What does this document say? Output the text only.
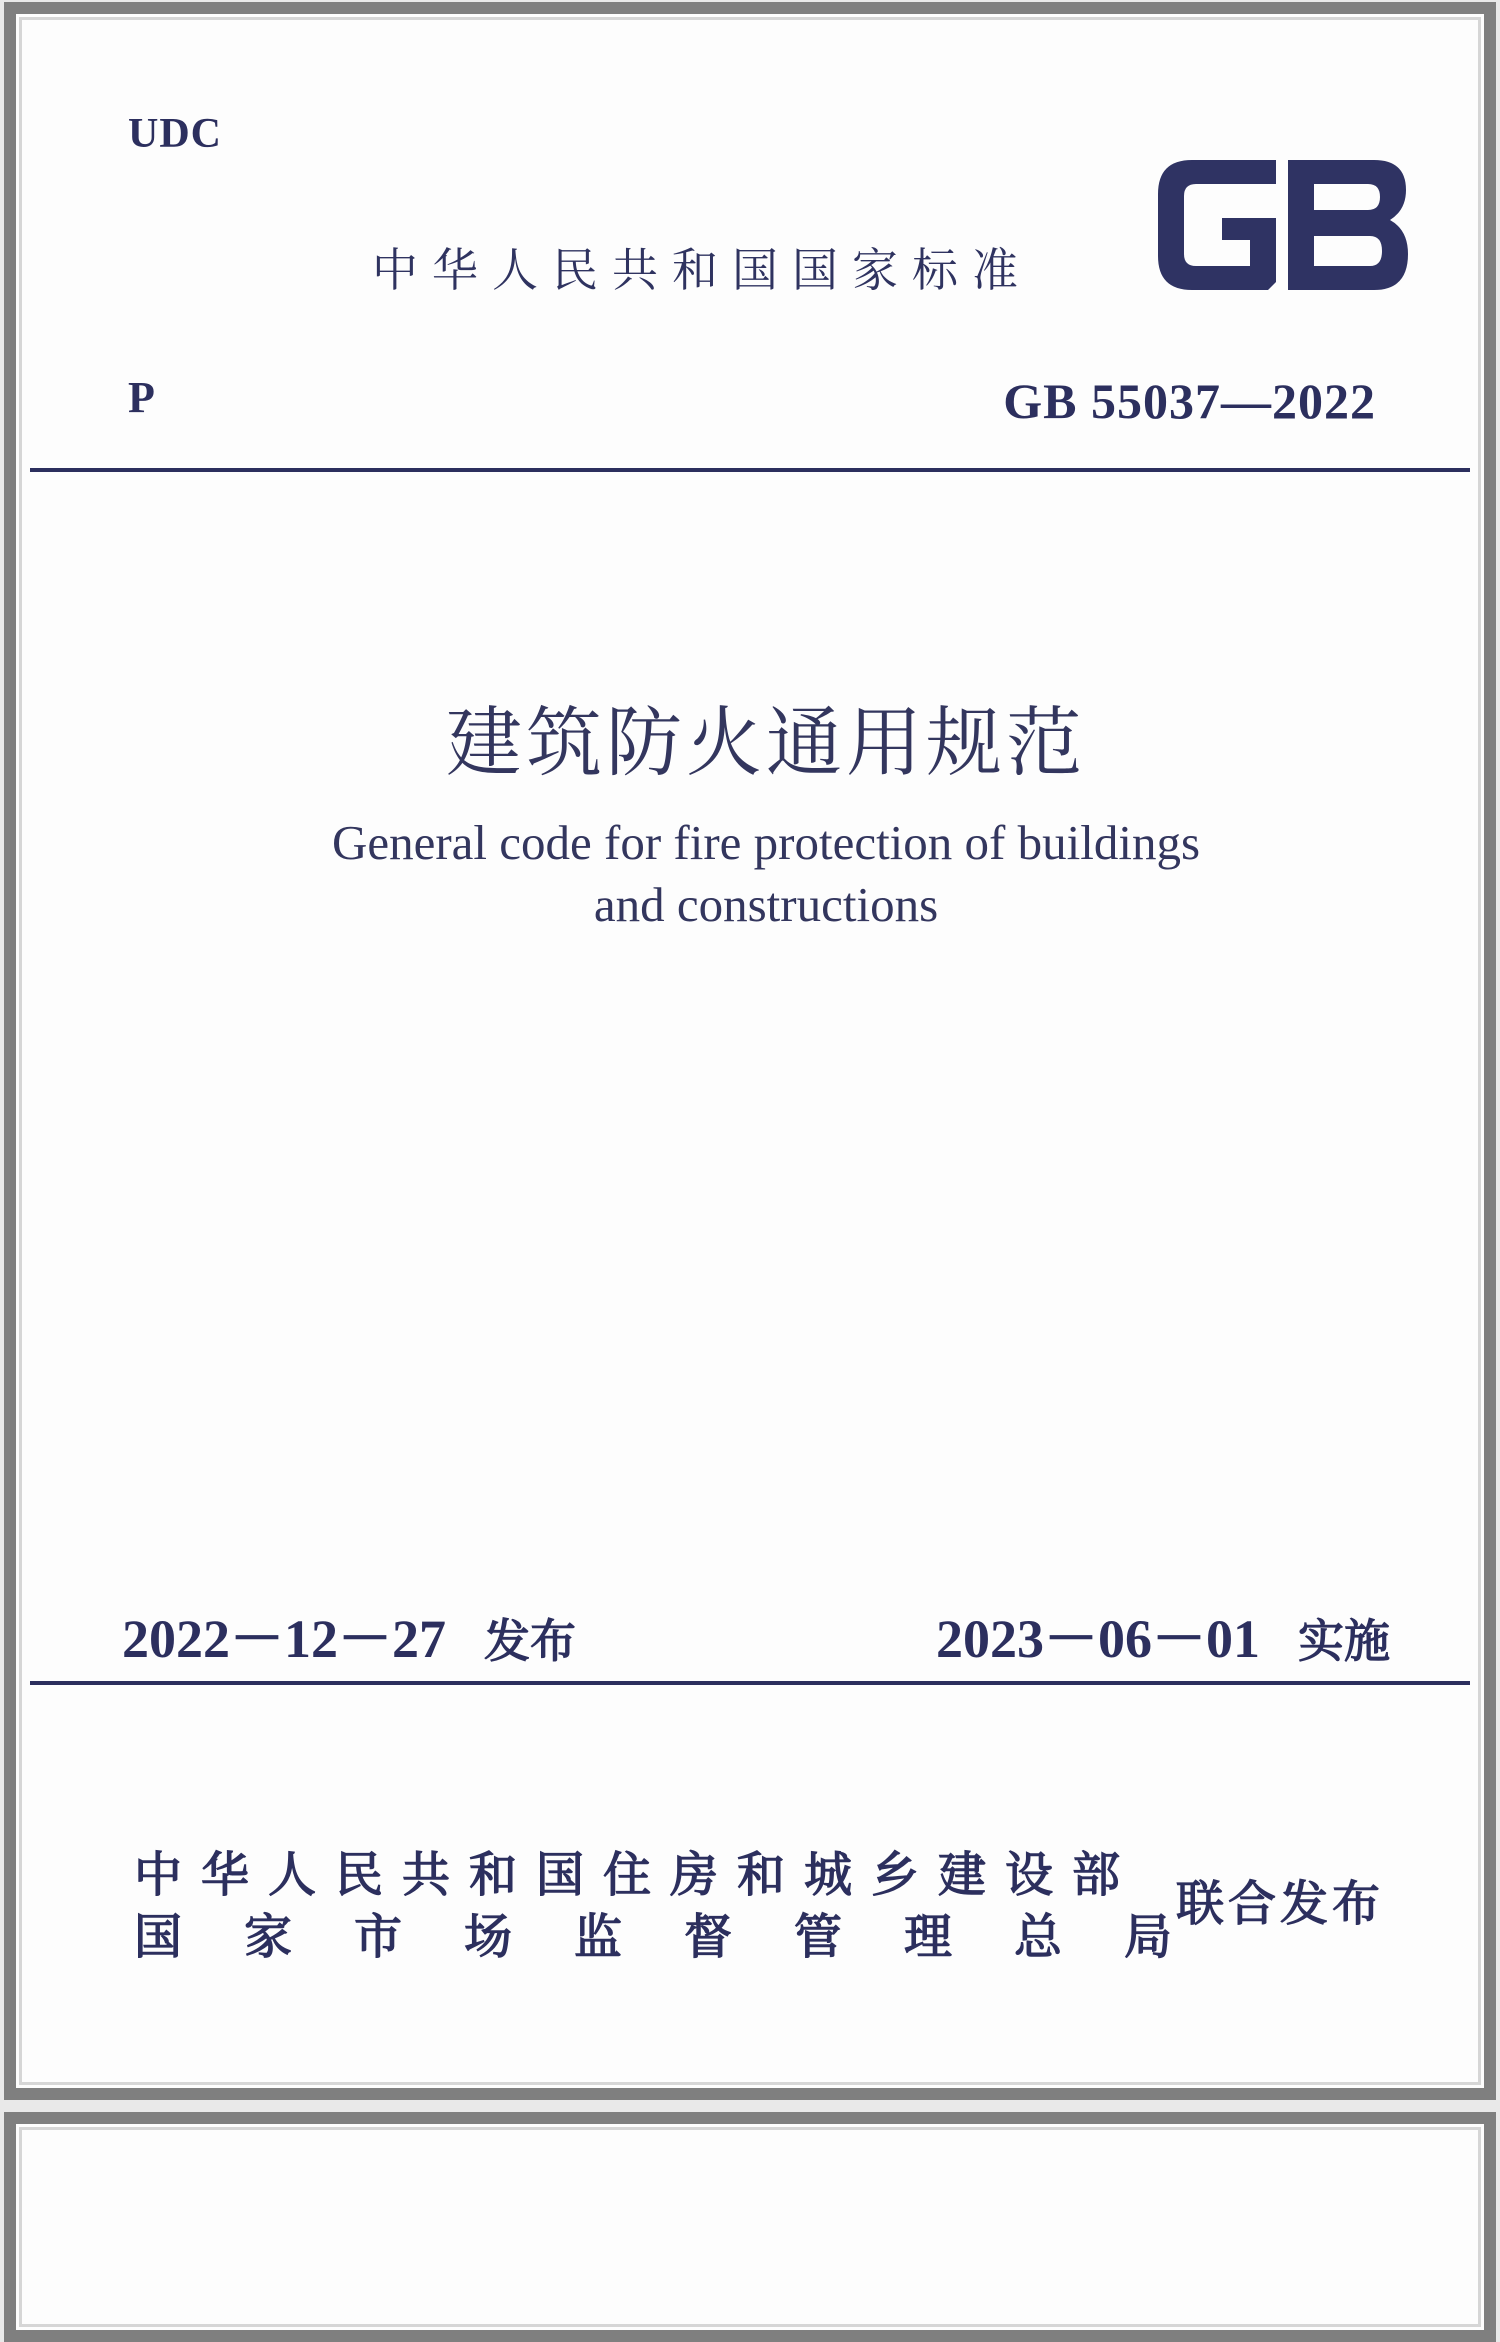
UDC
中华人民共和国国家标准
P	GB 55037—2022
建筑防火通用规范
General code for fire protection of buildings
and constructions
2022－12－27 发布	2023－06－01 实施
中华人民共和国住房和城乡建设部
国家市场监督管理总局
联合发布
